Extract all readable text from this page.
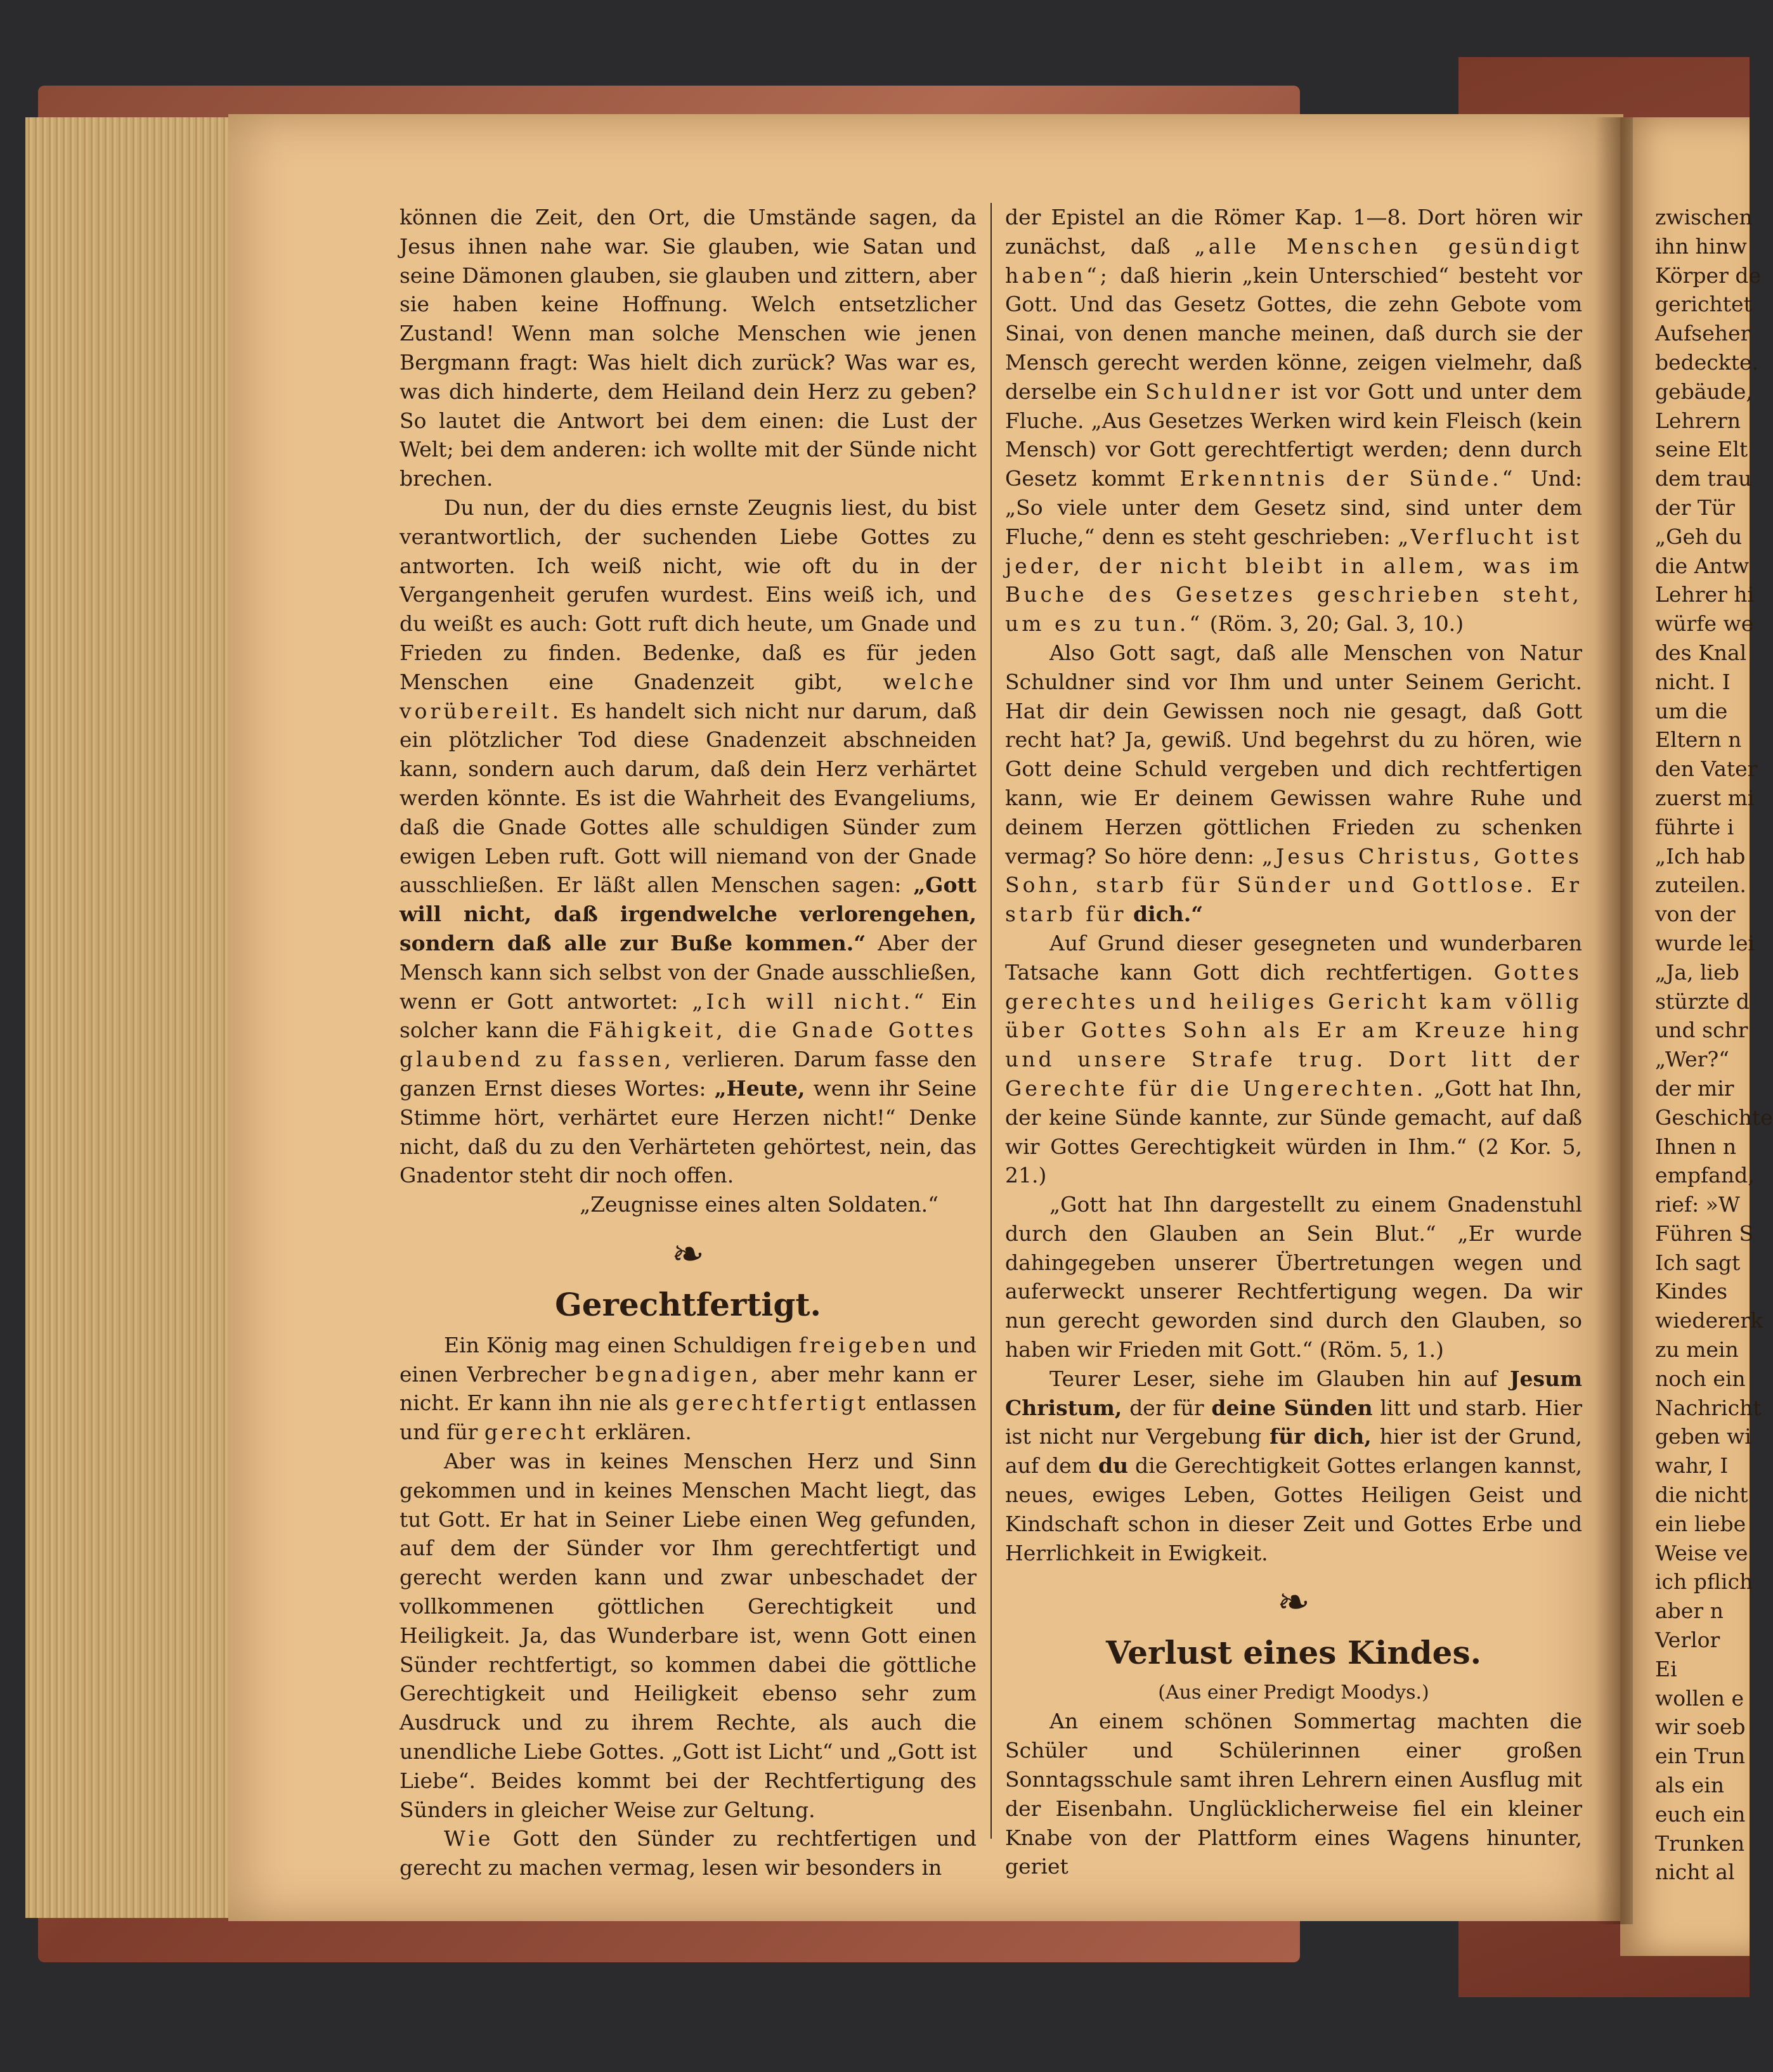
können die Zeit, den Ort, die Umstände sagen, da Jesus ihnen nahe war. Sie glauben, wie Satan und seine Dämonen glauben, sie glauben und zittern, aber sie haben keine Hoffnung. Welch entsetzlicher Zustand! Wenn man solche Menschen wie jenen Bergmann fragt: Was hielt dich zurück? Was war es, was dich hinderte, dem Heiland dein Herz zu geben? So lautet die Antwort bei dem einen: die Lust der Welt; bei dem anderen: ich wollte mit der Sünde nicht brechen.

Du nun, der du dies ernste Zeugnis liest, du bist verantwortlich, der suchenden Liebe Gottes zu antworten. Ich weiß nicht, wie oft du in der Vergangenheit gerufen wurdest. Eins weiß ich, und du weißt es auch: Gott ruft dich heute, um Gnade und Frieden zu finden. Bedenke, daß es für jeden Menschen eine Gnadenzeit gibt, welche vorübereilt. Es handelt sich nicht nur darum, daß ein plötzlicher Tod diese Gnadenzeit abschneiden kann, sondern auch darum, daß dein Herz verhärtet werden könnte. Es ist die Wahrheit des Evangeliums, daß die Gnade Gottes alle schuldigen Sünder zum ewigen Leben ruft. Gott will niemand von der Gnade ausschließen. Er läßt allen Menschen sagen: „Gott will nicht, daß irgendwelche verlorengehen, sondern daß alle zur Buße kommen.“ Aber der Mensch kann sich selbst von der Gnade ausschließen, wenn er Gott antwortet: „Ich will nicht.“ Ein solcher kann die Fähigkeit, die Gnade Gottes glaubend zu fassen, verlieren. Darum fasse den ganzen Ernst dieses Wortes: „Heute, wenn ihr Seine Stimme hört, verhärtet eure Herzen nicht!“ Denke nicht, daß du zu den Verhärteten gehörtest, nein, das Gnadentor steht dir noch offen.

„Zeugnisse eines alten Soldaten.“

❧
Gerechtfertigt.

Ein König mag einen Schuldigen freigeben und einen Verbrecher begnadigen, aber mehr kann er nicht. Er kann ihn nie als gerechtfertigt entlassen und für gerecht erklären.

Aber was in keines Menschen Herz und Sinn gekommen und in keines Menschen Macht liegt, das tut Gott. Er hat in Seiner Liebe einen Weg gefunden, auf dem der Sünder vor Ihm gerechtfertigt und gerecht werden kann und zwar unbeschadet der vollkommenen göttlichen Gerechtigkeit und Heiligkeit. Ja, das Wunderbare ist, wenn Gott einen Sünder rechtfertigt, so kommen dabei die göttliche Gerechtigkeit und Heiligkeit ebenso sehr zum Ausdruck und zu ihrem Rechte, als auch die unendliche Liebe Gottes. „Gott ist Licht“ und „Gott ist Liebe“. Beides kommt bei der Rechtfertigung des Sünders in gleicher Weise zur Geltung.

Wie Gott den Sünder zu rechtfertigen und gerecht zu machen vermag, lesen wir besonders in

der Epistel an die Römer Kap. 1—8. Dort hören wir zunächst, daß „alle Menschen gesündigt haben“; daß hierin „kein Unterschied“ besteht vor Gott. Und das Gesetz Gottes, die zehn Gebote vom Sinai, von denen manche meinen, daß durch sie der Mensch gerecht werden könne, zeigen vielmehr, daß derselbe ein Schuldner ist vor Gott und unter dem Fluche. „Aus Gesetzes Werken wird kein Fleisch (kein Mensch) vor Gott gerechtfertigt werden; denn durch Gesetz kommt Erkenntnis der Sünde.“ Und: „So viele unter dem Gesetz sind, sind unter dem Fluche,“ denn es steht geschrieben: „Verflucht ist jeder, der nicht bleibt in allem, was im Buche des Gesetzes geschrieben steht, um es zu tun.“ (Röm. 3, 20; Gal. 3, 10.)

Also Gott sagt, daß alle Menschen von Natur Schuldner sind vor Ihm und unter Seinem Gericht. Hat dir dein Gewissen noch nie gesagt, daß Gott recht hat? Ja, gewiß. Und begehrst du zu hören, wie Gott deine Schuld vergeben und dich rechtfertigen kann, wie Er deinem Gewissen wahre Ruhe und deinem Herzen göttlichen Frieden zu schenken vermag? So höre denn: „Jesus Christus, Gottes Sohn, starb für Sünder und Gottlose. Er starb für dich.“

Auf Grund dieser gesegneten und wunderbaren Tatsache kann Gott dich rechtfertigen. Gottes gerechtes und heiliges Gericht kam völlig über Gottes Sohn als Er am Kreuze hing und unsere Strafe trug. Dort litt der Gerechte für die Ungerechten. „Gott hat Ihn, der keine Sünde kannte, zur Sünde gemacht, auf daß wir Gottes Gerechtigkeit würden in Ihm.“ (2 Kor. 5, 21.)

„Gott hat Ihn dargestellt zu einem Gnadenstuhl durch den Glauben an Sein Blut.“ „Er wurde dahingegeben unserer Übertretungen wegen und auferweckt unserer Rechtfertigung wegen. Da wir nun gerecht geworden sind durch den Glauben, so haben wir Frieden mit Gott.“ (Röm. 5, 1.)

Teurer Leser, siehe im Glauben hin auf Jesum Christum, der für deine Sünden litt und starb. Hier ist nicht nur Vergebung für dich, hier ist der Grund, auf dem du die Gerechtigkeit Gottes erlangen kannst, neues, ewiges Leben, Gottes Heiligen Geist und Kindschaft schon in dieser Zeit und Gottes Erbe und Herrlichkeit in Ewigkeit.

❧
Verlust eines Kindes.
(Aus einer Predigt Moodys.)

An einem schönen Sommertag machten die Schüler und Schülerinnen einer großen Sonntagsschule samt ihren Lehrern einen Ausflug mit der Eisenbahn. Unglücklicherweise fiel ein kleiner Knabe von der Plattform eines Wagens hinunter, geriet

zwischen
ihn hinw
Körper de
gerichtet
Aufseher
bedeckte.
gebäude,
Lehrern
seine Elt
dem trau
der Tür
„Geh du
die Antw
Lehrer hi
würfe we
des Knal
nicht. I
um die
Eltern n
den Vater
zuerst mi
führte i
„Ich hab
zuteilen.
von der
wurde lei
„Ja, lieb
stürzte d
und schr
„Wer?“
der mir
Geschichte
Ihnen n
empfand,
rief: »W
Führen S
Ich sagt
Kindes
wiedererk
zu mein
noch ein
Nachricht
geben wi
wahr, I
die nicht
ein liebe
Weise ve
ich pflich
aber n
Verlor
Ei
wollen e
wir soeb
ein Trun
als ein
euch ein
Trunken
nicht al
